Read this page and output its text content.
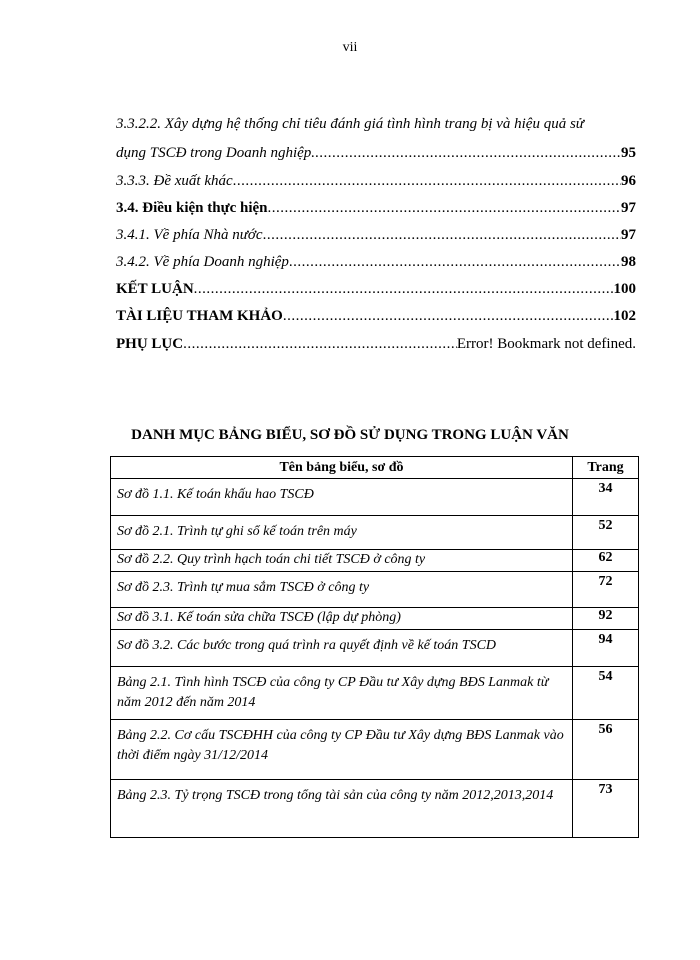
vii
3.3.2.2. Xây dựng hệ thống chỉ tiêu đánh giá tình hình trang bị và hiệu quả sử
dụng TSCĐ trong Doanh nghiệp. .....	95
3.3.3. Đề xuất khác .....	96
3.4. Điều kiện thực hiện .....	97
3.4.1. Về phía Nhà nước .....	97
3.4.2. Về phía Doanh nghiệp .....	98
KẾT LUẬN .....	100
TÀI LIỆU THAM KHẢO .....	102
PHỤ LỤC .....	Error! Bookmark not defined.
DANH MỤC BẢNG BIỂU, SƠ ĐỒ SỬ DỤNG TRONG LUẬN VĂN
Tên bảng biểu, sơ đồ	Trang
Sơ đồ 1.1. Kế toán khấu hao TSCĐ	34
Sơ đồ 2.1. Trình tự ghi sổ kế toán trên máy	52
Sơ đồ 2.2. Quy trình hạch toán chi tiết TSCĐ ở công ty	62
Sơ đồ 2.3. Trình tự mua sắm TSCĐ ở công ty	72
Sơ đồ 3.1. Kế toán sửa chữa TSCĐ (lập dự phòng)	92
Sơ đồ 3.2. Các bước trong quá trình ra quyết định về kế toán TSCD	94
Bảng 2.1. Tình hình TSCĐ của công ty CP Đầu tư Xây dựng BĐS Lanmak từ năm 2012 đến năm 2014	54
Bảng 2.2. Cơ cấu TSCĐHH của công ty CP Đầu tư Xây dựng BĐS Lanmak vào thời điểm ngày 31/12/2014	56
Bảng 2.3. Tỷ trọng TSCĐ trong tổng tài sản của công ty năm 2012,2013,2014	73
